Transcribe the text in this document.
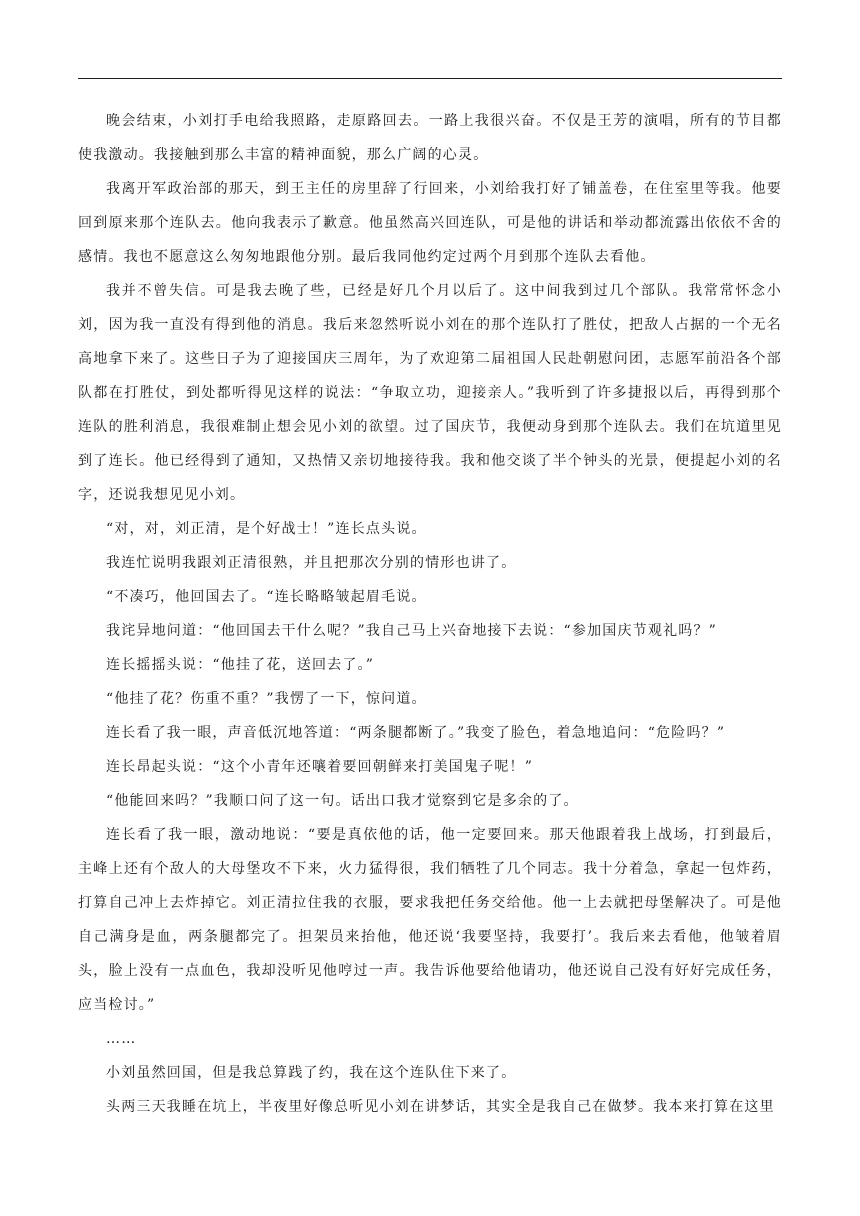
晚会结束，小刘打手电给我照路，走原路回去。一路上我很兴奋。不仅是王芳的演唱，所有的节目都使我激动。我接触到那么丰富的精神面貌，那么广阔的心灵。

我离开军政治部的那天，到王主任的房里辞了行回来，小刘给我打好了铺盖卷，在住室里等我。他要回到原来那个连队去。他向我表示了歉意。他虽然高兴回连队，可是他的讲话和举动都流露出依依不舍的感情。我也不愿意这么匆匆地跟他分别。最后我同他约定过两个月到那个连队去看他。

我并不曾失信。可是我去晚了些，已经是好几个月以后了。这中间我到过几个部队。我常常怀念小刘，因为我一直没有得到他的消息。我后来忽然听说小刘在的那个连队打了胜仗，把敌人占据的一个无名高地拿下来了。这些日子为了迎接国庆三周年，为了欢迎第二届祖国人民赴朝慰问团，志愿军前沿各个部队都在打胜仗，到处都听得见这样的说法：“争取立功，迎接亲人。”我听到了许多捷报以后，再得到那个连队的胜利消息，我很难制止想会见小刘的欲望。过了国庆节，我便动身到那个连队去。我们在坑道里见到了连长。他已经得到了通知，又热情又亲切地接待我。我和他交谈了半个钟头的光景，便提起小刘的名字，还说我想见见小刘。

“对，对，刘正清，是个好战士！”连长点头说。

我连忙说明我跟刘正清很熟，并且把那次分别的情形也讲了。

“不凑巧，他回国去了。“连长略略皱起眉毛说。

我诧异地问道：“他回国去干什么呢？”我自己马上兴奋地接下去说：“参加国庆节观礼吗？”

连长摇摇头说：“他挂了花，送回去了。”

“他挂了花？伤重不重？”我愣了一下，惊问道。

连长看了我一眼，声音低沉地答道：“两条腿都断了。”我变了脸色，着急地追问：“危险吗？”

连长昂起头说：“这个小青年还嚷着要回朝鲜来打美国鬼子呢！”

“他能回来吗？”我顺口问了这一句。话出口我才觉察到它是多余的了。

连长看了我一眼，激动地说：“要是真依他的话，他一定要回来。那天他跟着我上战场，打到最后，主峰上还有个敌人的大母堡攻不下来，火力猛得很，我们牺牲了几个同志。我十分着急，拿起一包炸药，打算自己冲上去炸掉它。刘正清拉住我的衣服，要求我把任务交给他。他一上去就把母堡解决了。可是他自己满身是血，两条腿都完了。担架员来抬他，他还说‘我要坚持，我要打’。我后来去看他，他皱着眉头，脸上没有一点血色，我却没听见他哼过一声。我告诉他要给他请功，他还说自己没有好好完成任务，应当检讨。”

……

小刘虽然回国，但是我总算践了约，我在这个连队住下来了。

头两三天我睡在坑上，半夜里好像总听见小刘在讲梦话，其实全是我自己在做梦。我本来打算在这里
